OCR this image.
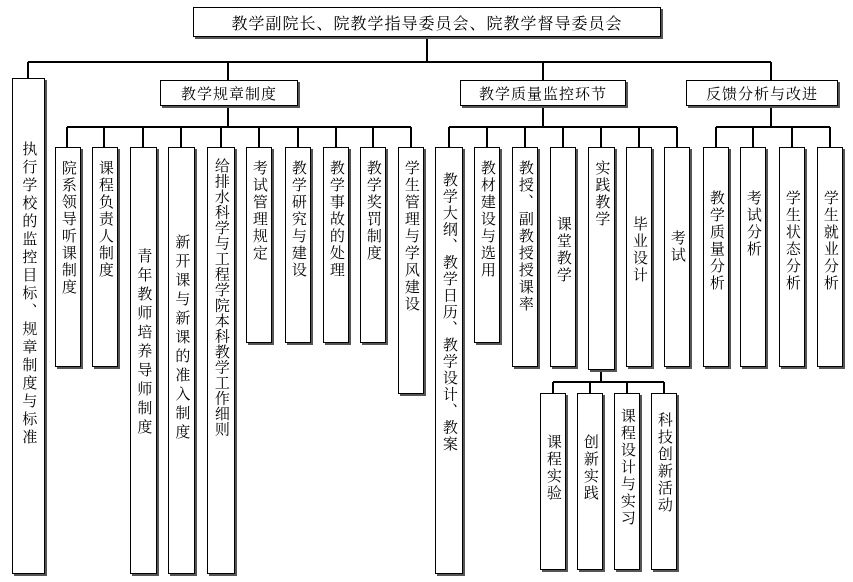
教学副院长、院教学指导委员会、院教学督导委员会
执行学校的监控目标、规章制度与标准
教学规章制度	教学质量监控环节	反馈分析与改进
院系领导听课制度 课程负责人制度
青年教师培养导师制度 新开课与新课的准入制度 给排水科学与工程学院本科教学工作细则 考试管理规定 教学研究与建设 教学事故的处理 教学奖罚制度 学生管理与学风建设 教学大纲、教学日历、教学设计、教案 教材建设与选用 教授、副教授授课率 课堂教学
实践教学
毕业设计 考试
课程实验 创新实践 课程设计与实习 科技创新活动
教学质量分析 考试分析 学生状态分析 学生就业分析
